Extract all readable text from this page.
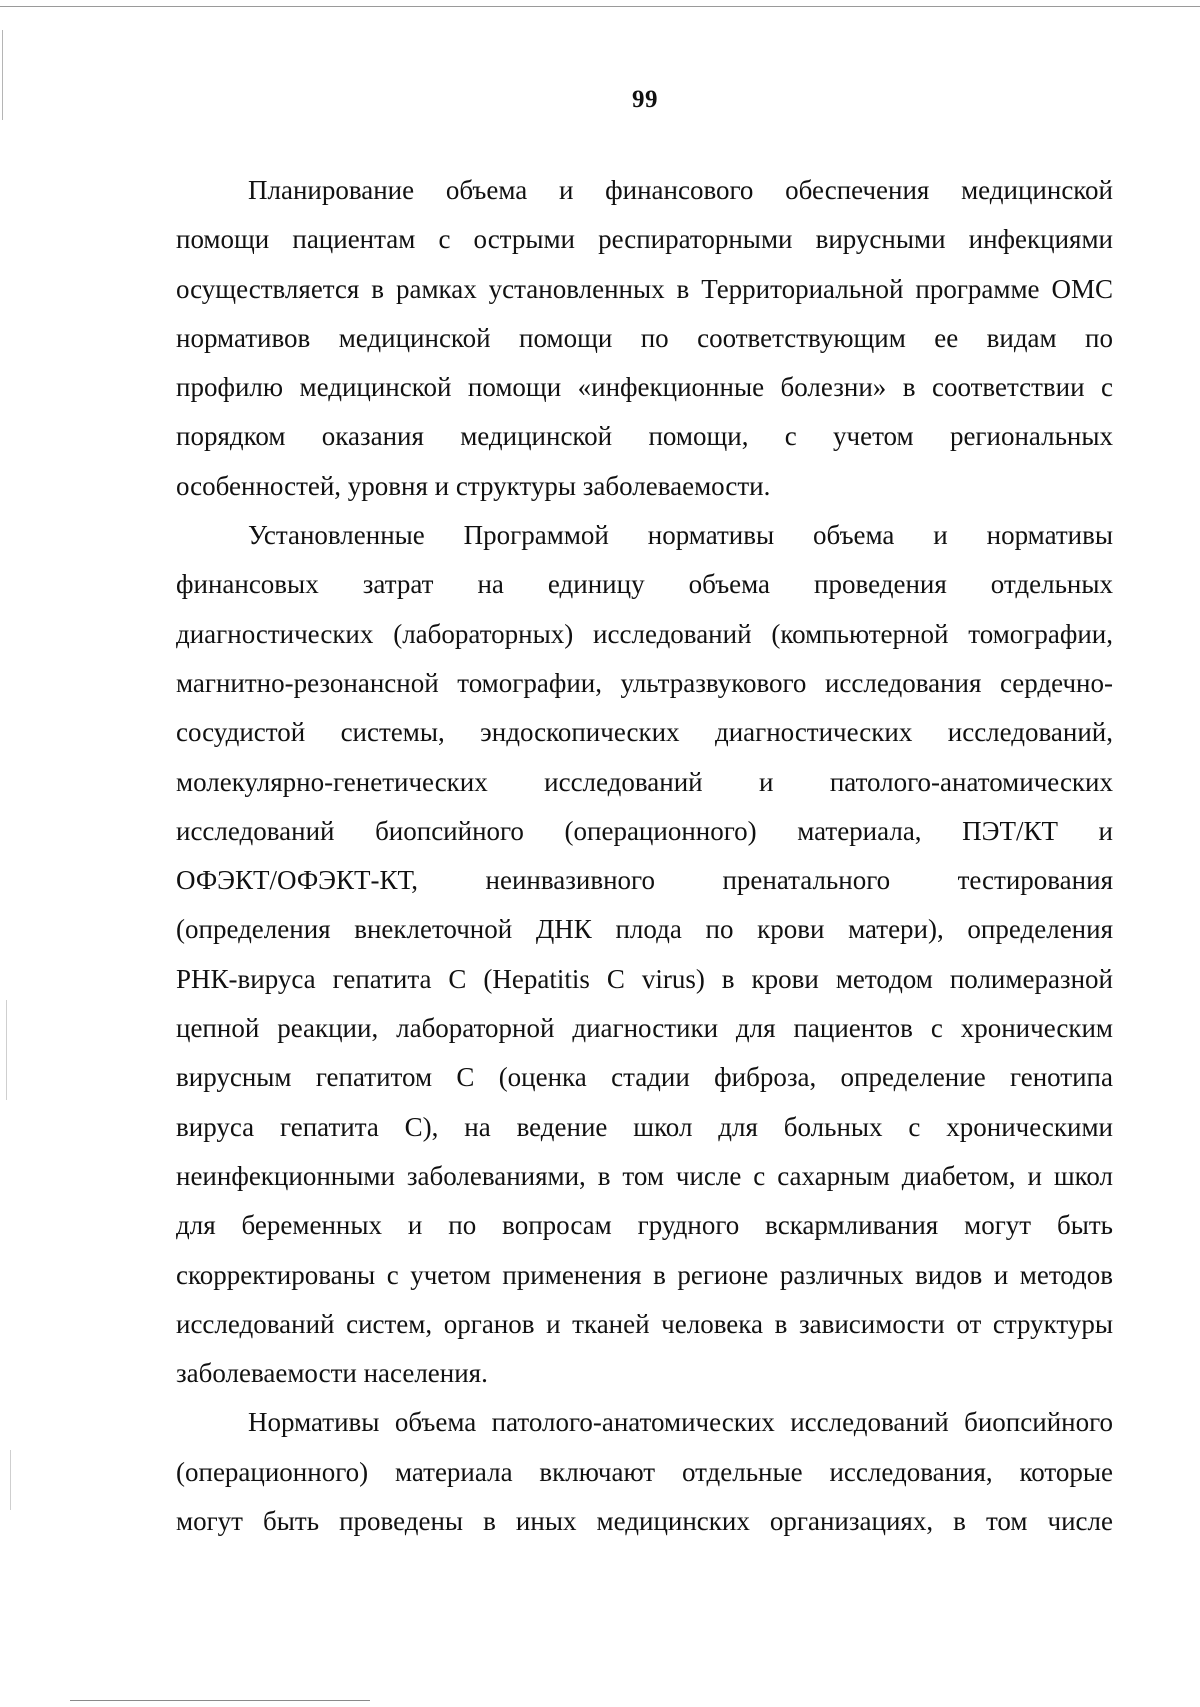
99
Планирование объема и финансового обеспечения медицинской
помощи пациентам с острыми респираторными вирусными инфекциями
осуществляется в рамках установленных в Территориальной программе ОМС
нормативов медицинской помощи по соответствующим ее видам по
профилю медицинской помощи «инфекционные болезни» в соответствии с
порядком оказания медицинской помощи, с учетом региональных
особенностей, уровня и структуры заболеваемости.
Установленные Программой нормативы объема и нормативы
финансовых затрат на единицу объема проведения отдельных
диагностических (лабораторных) исследований (компьютерной томографии,
магнитно-резонансной томографии, ультразвукового исследования сердечно-
сосудистой системы, эндоскопических диагностических исследований,
молекулярно-генетических исследований и патолого-анатомических
исследований биопсийного (операционного) материала, ПЭТ/КТ и
ОФЭКТ/ОФЭКТ-КТ, неинвазивного пренатального тестирования
(определения внеклеточной ДНК плода по крови матери), определения
РНК-вируса гепатита С (Hepatitis С virus) в крови методом полимеразной
цепной реакции, лабораторной диагностики для пациентов с хроническим
вирусным гепатитом С (оценка стадии фиброза, определение генотипа
вируса гепатита С), на ведение школ для больных с хроническими
неинфекционными заболеваниями, в том числе с сахарным диабетом, и школ
для беременных и по вопросам грудного вскармливания могут быть
скорректированы с учетом применения в регионе различных видов и методов
исследований систем, органов и тканей человека в зависимости от структуры
заболеваемости населения.
Нормативы объема патолого-анатомических исследований биопсийного
(операционного) материала включают отдельные исследования, которые
могут быть проведены в иных медицинских организациях, в том числе
